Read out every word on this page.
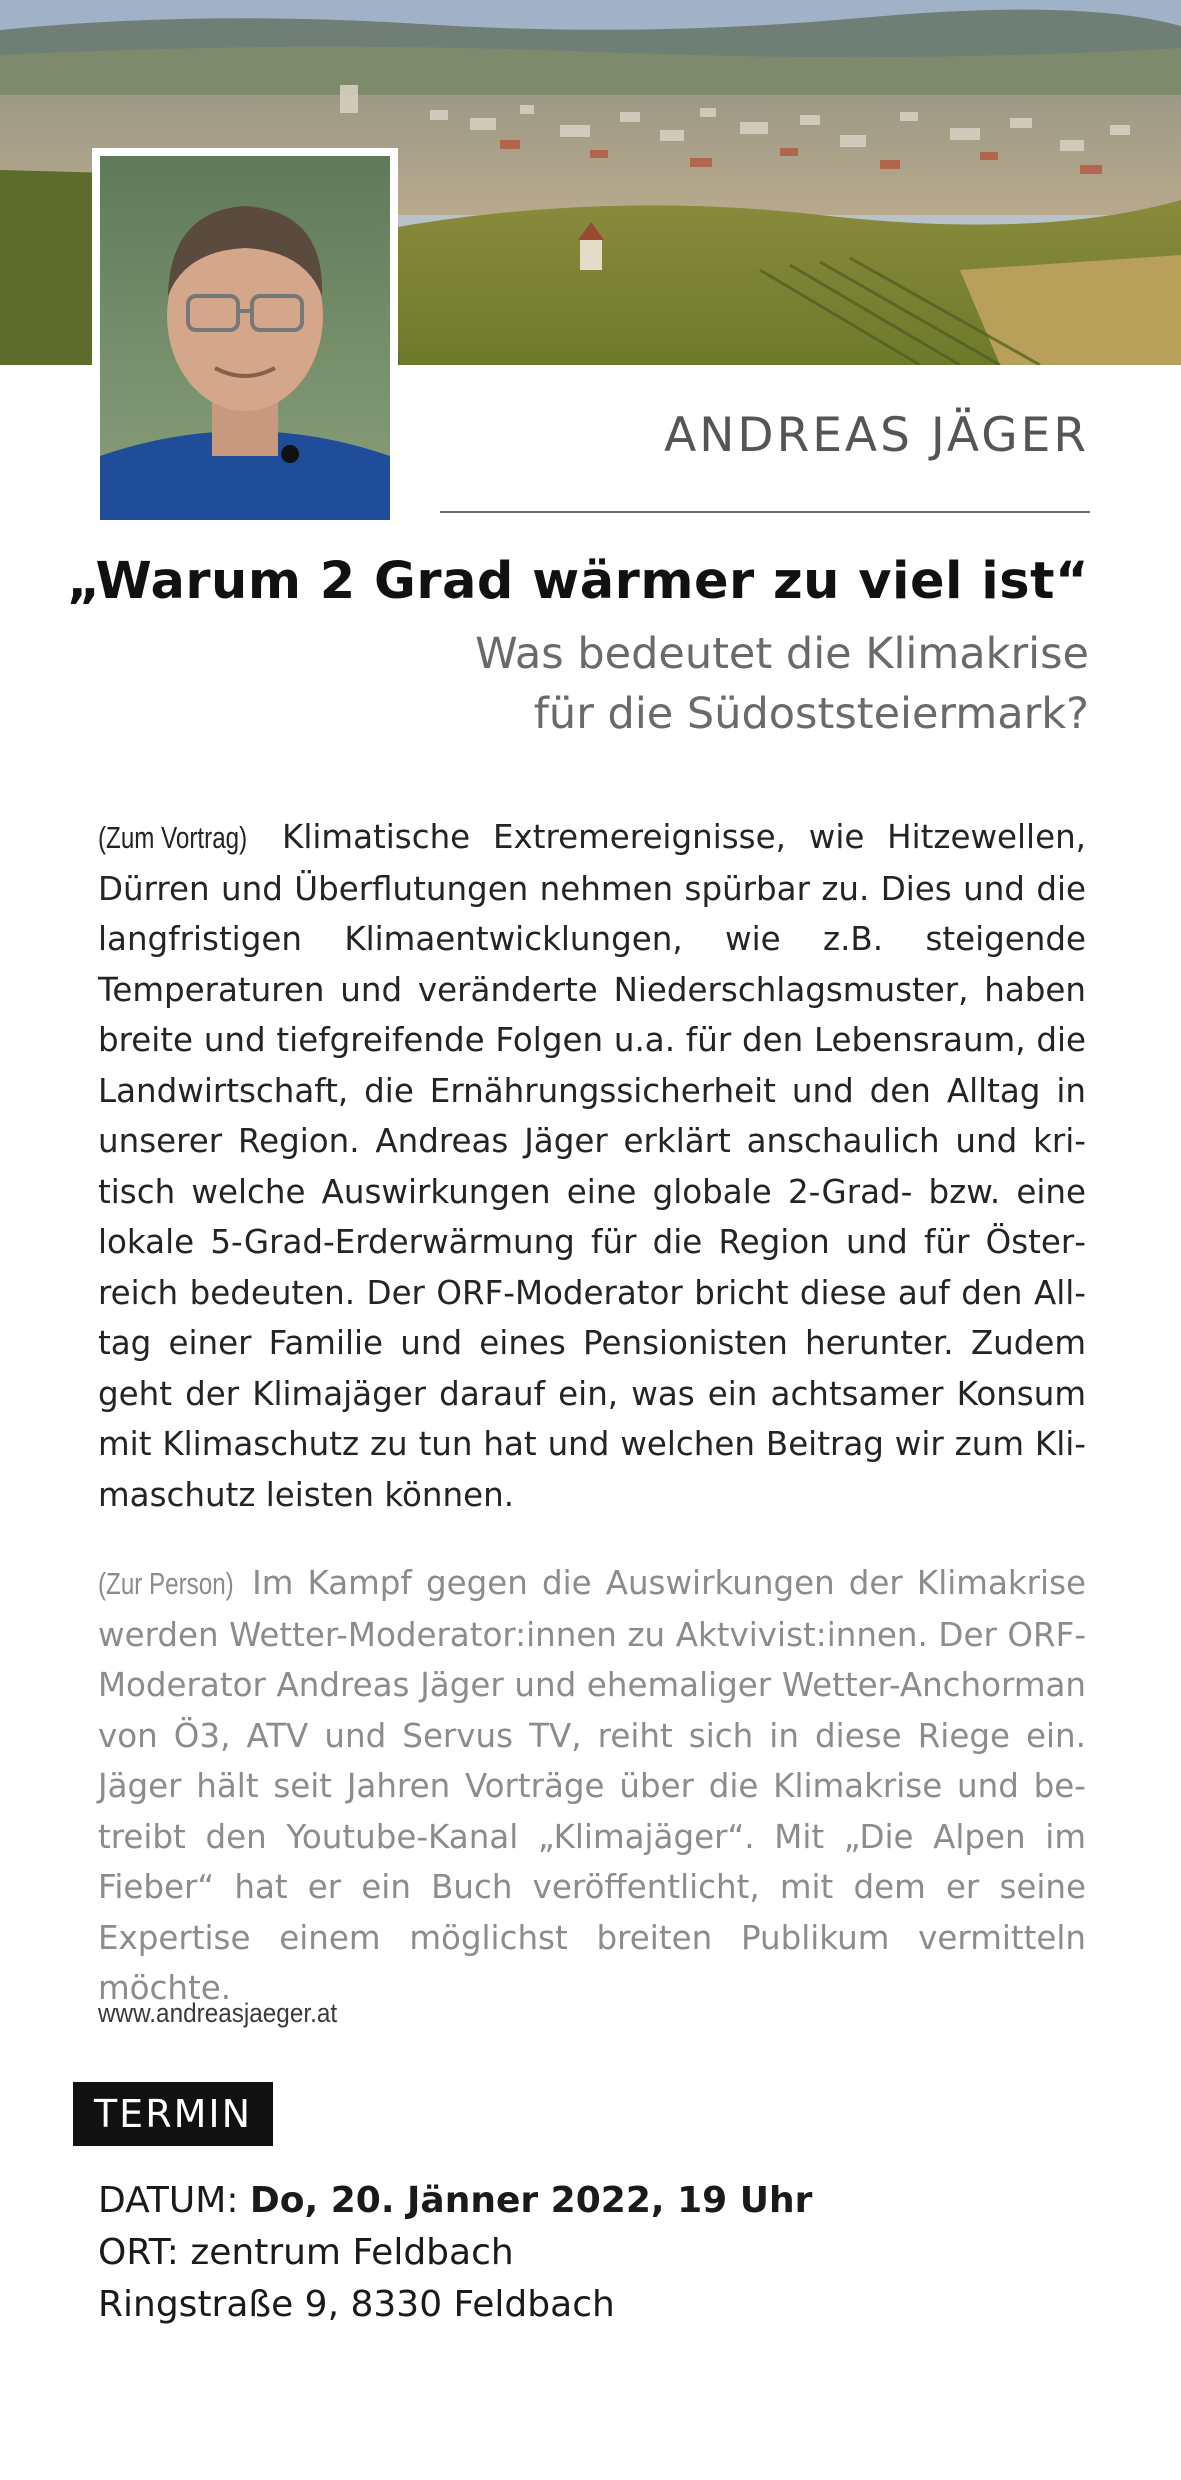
ANDREAS JÄGER
„Warum 2 Grad wärmer zu viel ist“
Was bedeutet die Klimakrise
für die Südoststeiermark?
(Zum Vortrag) Klimatische Extremereignisse, wie Hitzewellen, Dürren und Überflutungen nehmen spürbar zu. Dies und die langfristigen Klimaentwicklungen, wie z.B. steigende Temperaturen und veränderte Niederschlagsmuster, haben breite und tiefgreifende Folgen u.a. für den Lebensraum, die Landwirtschaft, die Ernährungssicherheit und den Alltag in unserer Region. Andreas Jäger erklärt anschaulich und kritisch welche Auswirkungen eine globale 2-Grad- bzw. eine lokale 5-Grad-Erderwärmung für die Region und für Österreich bedeuten. Der ORF-Moderator bricht diese auf den Alltag einer Familie und eines Pensionisten herunter. Zudem geht der Klimajäger darauf ein, was ein achtsamer Konsum mit Klimaschutz zu tun hat und welchen Beitrag wir zum Klimaschutz leisten können.
(Zur Person) Im Kampf gegen die Auswirkungen der Klimakrise werden Wetter-Moderator:innen zu Aktvivist:innen. Der ORF-Moderator Andreas Jäger und ehemaliger Wetter-Anchorman von Ö3, ATV und Servus TV, reiht sich in diese Riege ein. Jäger hält seit Jahren Vorträge über die Klimakrise und betreibt den Youtube-Kanal „Klimajäger“. Mit „Die Alpen im Fieber“ hat er ein Buch veröffentlicht, mit dem er seine Expertise einem möglichst breiten Publikum vermitteln möchte.
www.andreasjaeger.at
TERMIN
DATUM: Do, 20. Jänner 2022, 19 Uhr
ORT: zentrum Feldbach
Ringstraße 9, 8330 Feldbach
